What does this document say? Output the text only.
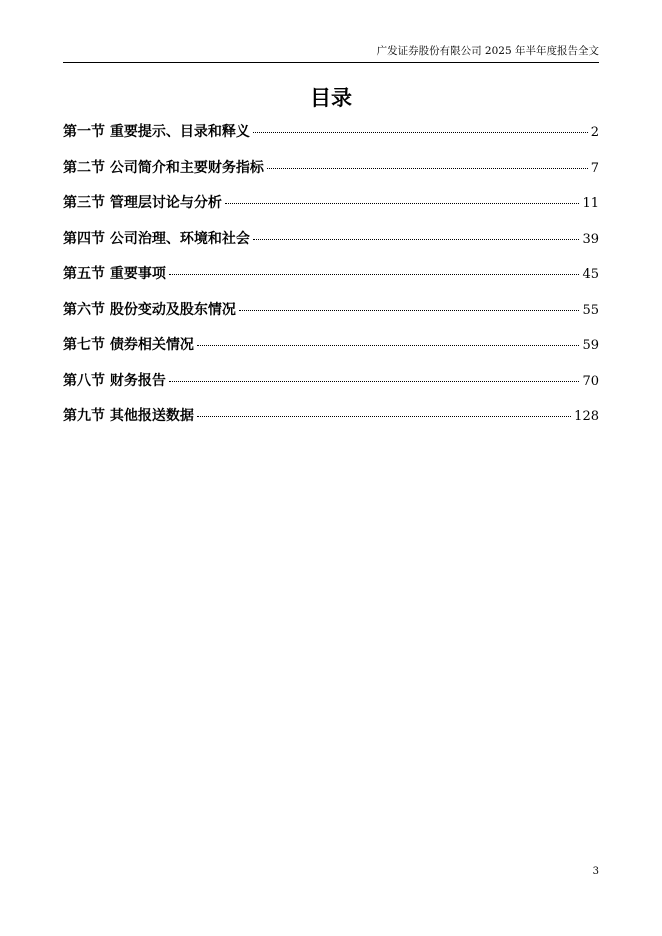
广发证券股份有限公司 2025 年半年度报告全文
目录
第一节 重要提示、目录和释义	2
第二节 公司简介和主要财务指标	7
第三节 管理层讨论与分析	11
第四节 公司治理、环境和社会	39
第五节 重要事项	45
第六节 股份变动及股东情况	55
第七节 债券相关情况	59
第八节 财务报告	70
第九节 其他报送数据	128
3
